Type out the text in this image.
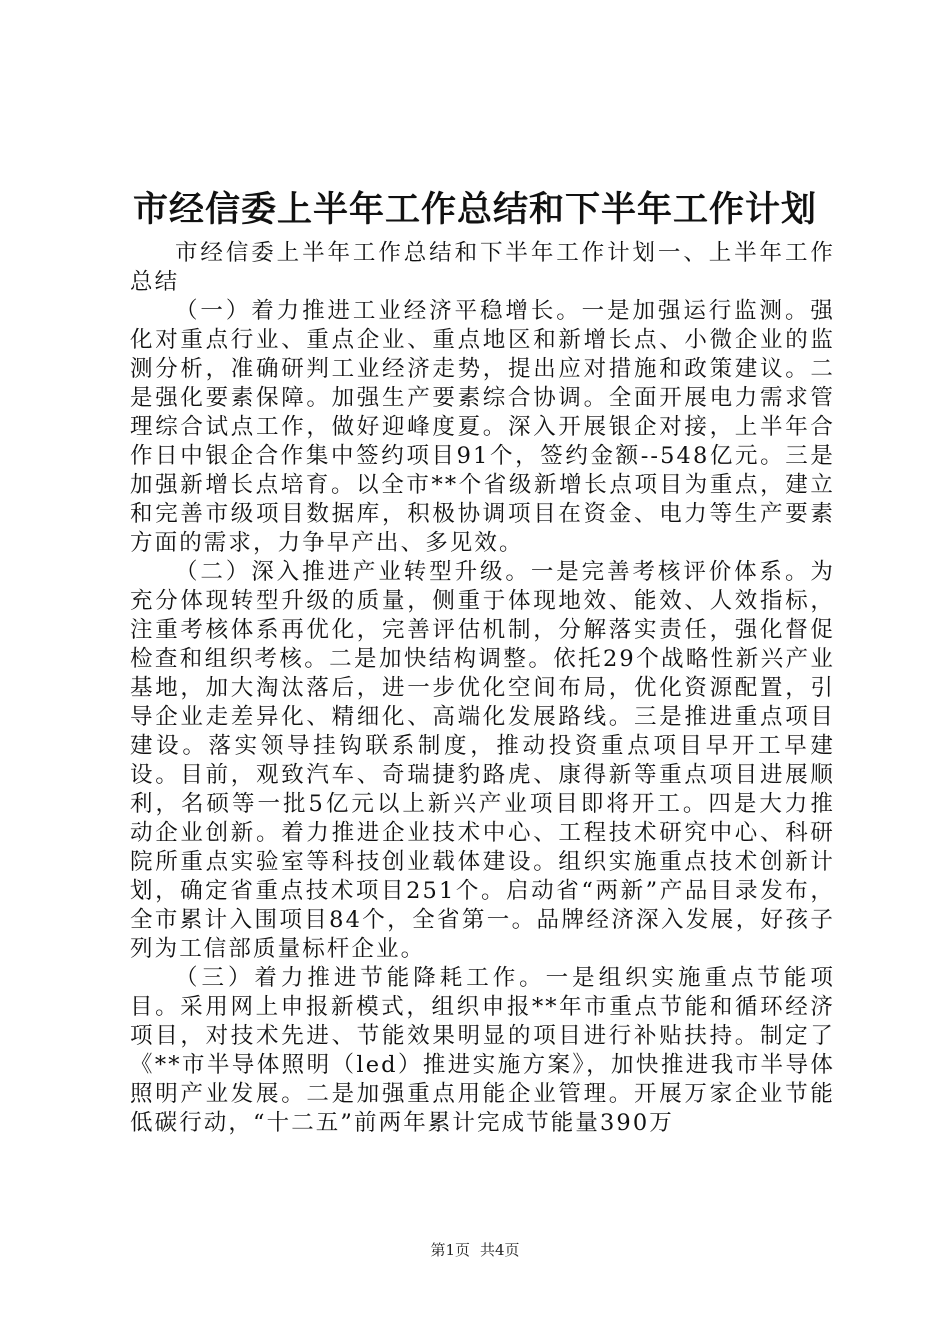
市经信委上半年工作总结和下半年工作计划

市经信委上半年工作总结和下半年工作计划一、上半年工作总结

（一）着力推进工业经济平稳增长。一是加强运行监测。强化对重点行业、重点企业、重点地区和新增长点、小微企业的监测分析，准确研判工业经济走势，提出应对措施和政策建议。二是强化要素保障。加强生产要素综合协调。全面开展电力需求管理综合试点工作，做好迎峰度夏。深入开展银企对接，上半年合作日中银企合作集中签约项目91个，签约金额--548亿元。三是加强新增长点培育。以全市**个省级新增长点项目为重点，建立和完善市级项目数据库，积极协调项目在资金、电力等生产要素方面的需求，力争早产出、多见效。

（二）深入推进产业转型升级。一是完善考核评价体系。为充分体现转型升级的质量，侧重于体现地效、能效、人效指标，注重考核体系再优化，完善评估机制，分解落实责任，强化督促检查和组织考核。二是加快结构调整。依托29个战略性新兴产业基地，加大淘汰落后，进一步优化空间布局，优化资源配置，引导企业走差异化、精细化、高端化发展路线。三是推进重点项目建设。落实领导挂钩联系制度，推动投资重点项目早开工早建设。目前，观致汽车、奇瑞捷豹路虎、康得新等重点项目进展顺利，名硕等一批5亿元以上新兴产业项目即将开工。四是大力推动企业创新。着力推进企业技术中心、工程技术研究中心、科研院所重点实验室等科技创业载体建设。组织实施重点技术创新计划，确定省重点技术项目251个。启动省“两新”产品目录发布，全市累计入围项目84个，全省第一。品牌经济深入发展，好孩子列为工信部质量标杆企业。

（三）着力推进节能降耗工作。一是组织实施重点节能项目。采用网上申报新模式，组织申报**年市重点节能和循环经济项目，对技术先进、节能效果明显的项目进行补贴扶持。制定了《**市半导体照明（led）推进实施方案》，加快推进我市半导体照明产业发展。二是加强重点用能企业管理。开展万家企业节能低碳行动，“十二五”前两年累计完成节能量390万

第1页 共4页
